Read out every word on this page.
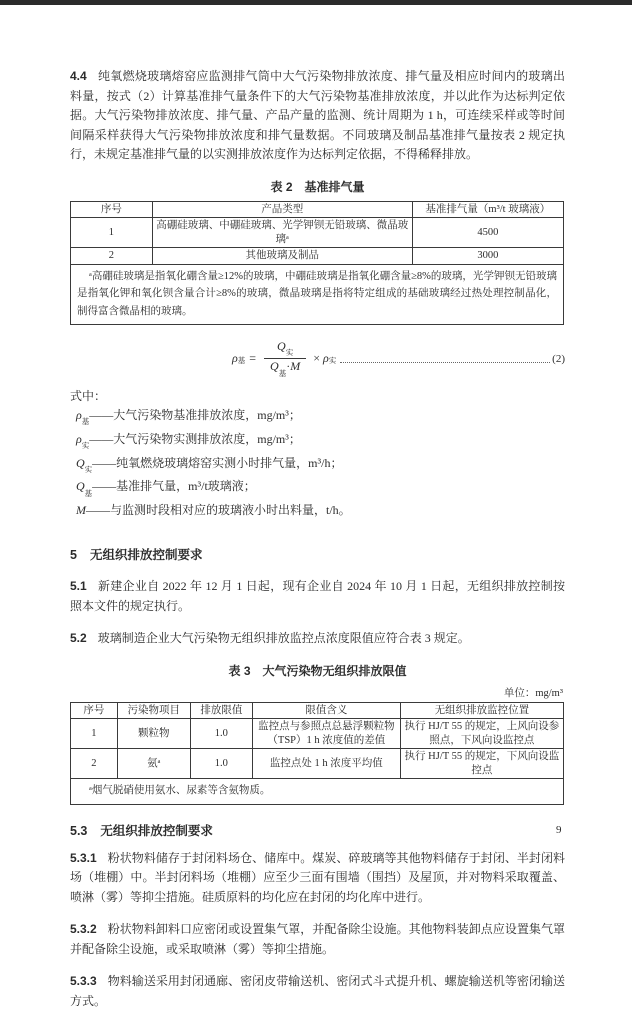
4.4 纯氧燃烧玻璃熔窑应监测排气筒中大气污染物排放浓度、排气量及相应时间内的玻璃出料量，按式（2）计算基准排气量条件下的大气污染物基准排放浓度，并以此作为达标判定依据。大气污染物排放浓度、排气量、产品产量的监测、统计周期为 1 h，可连续采样或等时间间隔采样获得大气污染物排放浓度和排气量数据。不同玻璃及制品基准排气量按表 2 规定执行，未规定基准排气量的以实测排放浓度作为达标判定依据，不得稀释排放。

表 2 基准排气量
序号	产品类型	基准排气量（m³/t 玻璃液）
1	高硼硅玻璃、中硼硅玻璃、光学钾钡无铅玻璃、微晶玻璃ᵃ	4500
2	其他玻璃及制品	3000
ᵃ高硼硅玻璃是指氧化硼含量≥12%的玻璃，中硼硅玻璃是指氧化硼含量≥8%的玻璃，光学钾钡无铅玻璃是指氧化钾和氧化钡含量合计≥8%的玻璃，微晶玻璃是指将特定组成的基础玻璃经过热处理控制晶化，制得富含微晶相的玻璃。		
$\rho_基 = \frac{Q_实}{Q_基\cdot M} \times \rho_实$	(2)

式中：

$\rho_基——$大气污染物基准排放浓度，mg/m³；
$\rho_实——$大气污染物实测排放浓度，mg/m³；
$Q_实——$纯氧燃烧玻璃熔窑实测小时排气量，m³/h；
$Q_基——$基准排气量，m³/t玻璃液；
M——与监测时段相对应的玻璃液小时出料量，t/h。
5 无组织排放控制要求

5.1 新建企业自 2022 年 12 月 1 日起，现有企业自 2024 年 10 月 1 日起，无组织排放控制按照本文件的规定执行。

5.2 玻璃制造企业大气污染物无组织排放监控点浓度限值应符合表 3 规定。

表 3 大气污染物无组织排放限值
单位：mg/m³
序号	污染物项目	排放限值	限值含义	无组织排放监控位置
1	颗粒物	1.0	监控点与参照点总悬浮颗粒物（TSP）1 h 浓度值的差值	执行 HJ/T 55 的规定，上风向设参照点，下风向设监控点
2	氨ᵃ	1.0	监控点处 1 h 浓度平均值	执行 HJ/T 55 的规定，下风向设监控点
ᵃ烟气脱硝使用氨水、尿素等含氨物质。				
5.3 无组织排放控制要求

5.3.1 粉状物料储存于封闭料场仓、储库中。煤炭、碎玻璃等其他物料储存于封闭、半封闭料场（堆棚）中。半封闭料场（堆棚）应至少三面有围墙（围挡）及屋顶，并对物料采取覆盖、喷淋（雾）等抑尘措施。硅质原料的均化应在封闭的均化库中进行。

5.3.2 粉状物料卸料口应密闭或设置集气罩，并配备除尘设施。其他物料装卸点应设置集气罩并配备除尘设施，或采取喷淋（雾）等抑尘措施。

5.3.3 物料输送采用封闭通廊、密闭皮带输送机、密闭式斗式提升机、螺旋输送机等密闭输送方式。

9
